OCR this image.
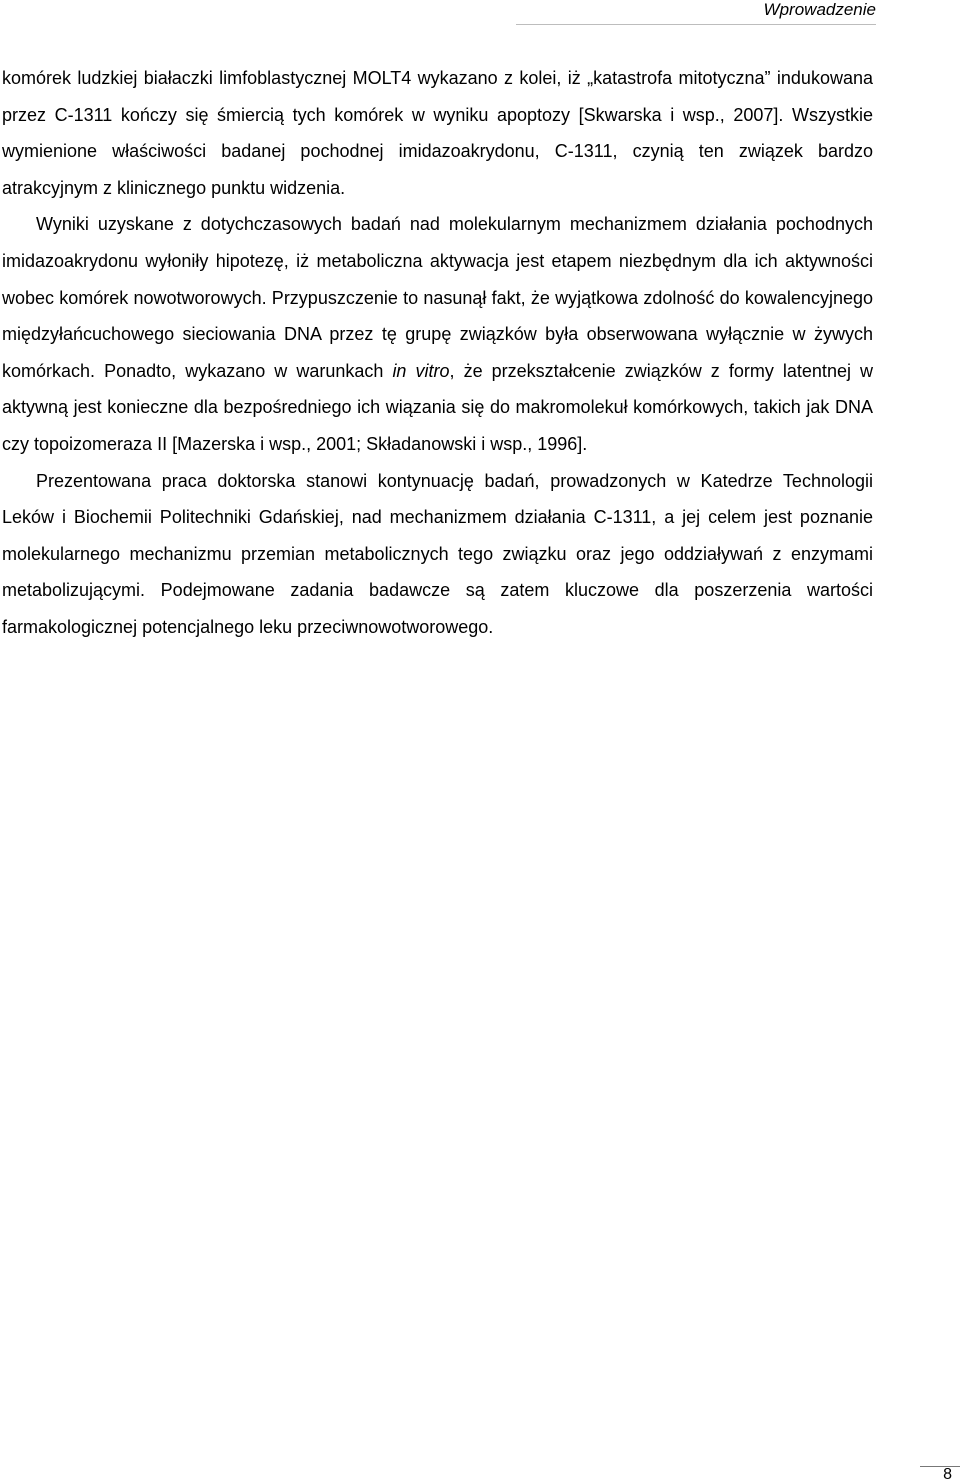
Wprowadzenie

komórek ludzkiej białaczki limfoblastycznej MOLT4 wykazano z kolei, iż „katastrofa mitotyczna” indukowana przez C-1311 kończy się śmiercią tych komórek w wyniku apoptozy [Skwarska i wsp., 2007]. Wszystkie wymienione właściwości badanej pochodnej imidazoakrydonu, C-1311, czynią ten związek bardzo atrakcyjnym z klinicznego punktu widzenia.

Wyniki uzyskane z dotychczasowych badań nad molekularnym mechanizmem działania pochodnych imidazoakrydonu wyłoniły hipotezę, iż metaboliczna aktywacja jest etapem niezbędnym dla ich aktywności wobec komórek nowotworowych. Przypuszczenie to nasunął fakt, że wyjątkowa zdolność do kowalencyjnego międzyłańcuchowego sieciowania DNA przez tę grupę związków była obserwowana wyłącznie w żywych komórkach. Ponadto, wykazano w warunkach in vitro, że przekształcenie związków z formy latentnej w aktywną jest konieczne dla bezpośredniego ich wiązania się do makromolekuł komórkowych, takich jak DNA czy topoizomeraza II [Mazerska i wsp., 2001; Składanowski i wsp., 1996].

Prezentowana praca doktorska stanowi kontynuację badań, prowadzonych w Katedrze Technologii Leków i Biochemii Politechniki Gdańskiej, nad mechanizmem działania C-1311, a jej celem jest poznanie molekularnego mechanizmu przemian metabolicznych tego związku oraz jego oddziaływań z enzymami metabolizującymi. Podejmowane zadania badawcze są zatem kluczowe dla poszerzenia wartości farmakologicznej potencjalnego leku przeciwnowotworowego.

8
